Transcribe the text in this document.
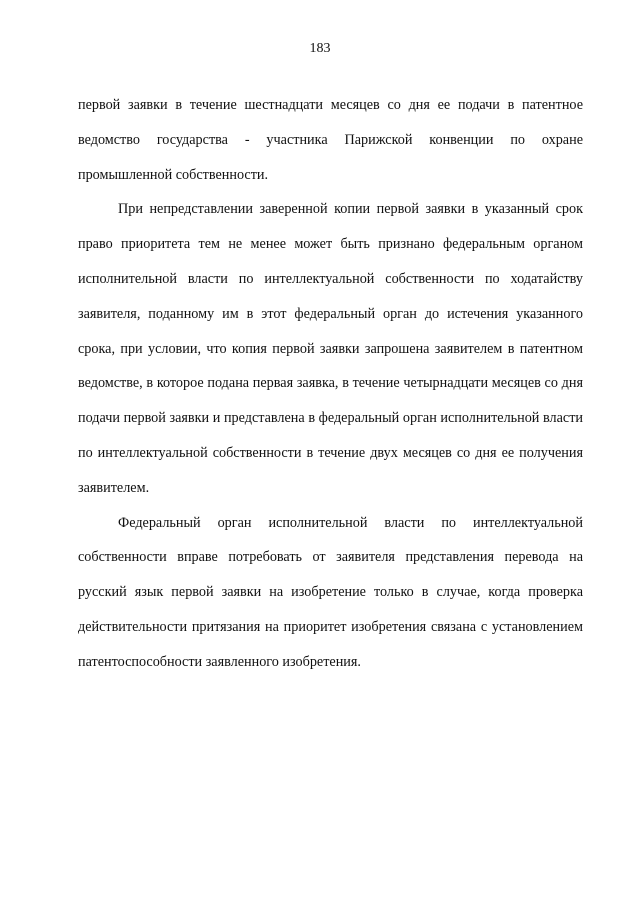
183

первой заявки в течение шестнадцати месяцев со дня ее подачи в патентное ведомство государства - участника Парижской конвенции по охране промышленной собственности.

При непредставлении заверенной копии первой заявки в указанный срок право приоритета тем не менее может быть признано федеральным органом исполнительной власти по интеллектуальной собственности по ходатайству заявителя, поданному им в этот федеральный орган до истечения указанного срока, при условии, что копия первой заявки запрошена заявителем в патентном ведомстве, в которое подана первая заявка, в течение четырнадцати месяцев со дня подачи первой заявки и представлена в федеральный орган исполнительной власти по интеллектуальной собственности в течение двух месяцев со дня ее получения заявителем.

Федеральный орган исполнительной власти по интеллектуальной собственности вправе потребовать от заявителя представления перевода на русский язык первой заявки на изобретение только в случае, когда проверка действительности притязания на приоритет изобретения связана с установлением патентоспособности заявленного изобретения.
